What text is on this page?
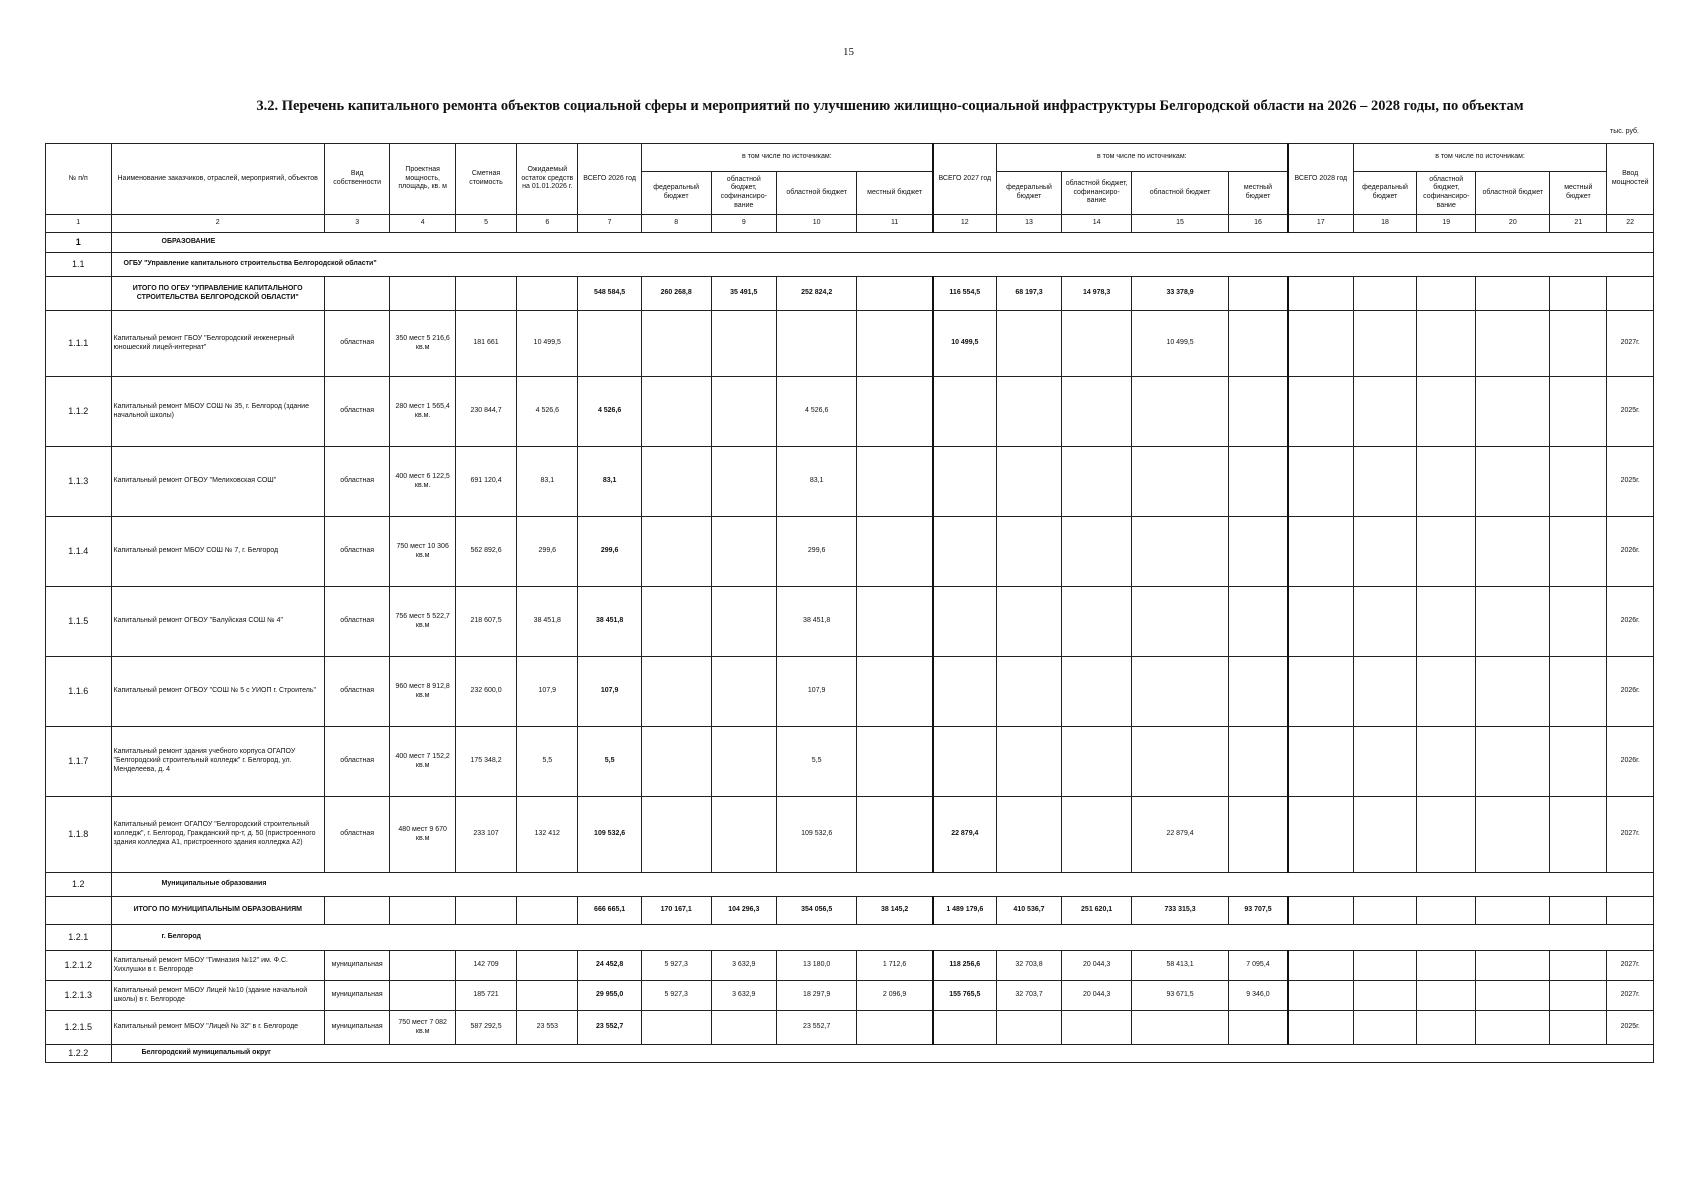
15
3.2. Перечень капитального ремонта объектов социальной сферы и мероприятий по улучшению жилищно-социальной инфраструктуры Белгородской области на 2026 – 2028 годы, по объектам
тыс. руб.
№ п/п	Наименование заказчиков, отраслей, мероприятий, объектов	Вид собственности	Проектная мощность, площадь, кв. м	Сметная стоимость	Ожидаемый остаток средств на 01.01.2026 г.	ВСЕГО 2026 год	в том числе по источникам:				ВСЕГО 2027 год	в том числе по источникам:				ВСЕГО 2028 год	в том числе по источникам:				Ввод мощностей
							федеральный бюджет	областной бюджет, софинансиро-вание	областной бюджет	местный бюджет		федеральный бюджет	областной бюджет, софинансиро-вание	областной бюджет	местный бюджет		федеральный бюджет	областной бюджет, софинансиро-вание	областной бюджет	местный бюджет	
1	2	3	4	5	6	7	8	9	10	11	12	13	14	15	16	17	18	19	20	21	22
1	ОБРАЗОВАНИЕ																				
1.1	ОГБУ "Управление капитального строительства Белгородской области"																				
	ИТОГО ПО ОГБУ "УПРАВЛЕНИЕ КАПИТАЛЬНОГО СТРОИТЕЛЬСТВА БЕЛГОРОДСКОЙ ОБЛАСТИ"					548 584,5	260 268,8	35 491,5	252 824,2		116 554,5	68 197,3	14 978,3	33 378,9							
1.1.1	Капитальный ремонт ГБОУ "Белгородский инженерный юношеский лицей-интернат"	областная	350 мест 5 216,6 кв.м	181 661	10 499,5						10 499,5			10 499,5							2027г.
1.1.2	Капитальный ремонт МБОУ СОШ № 35, г. Белгород (здание начальной школы)	областная	280 мест 1 565,4 кв.м.	230 844,7	4 526,6	4 526,6			4 526,6												2025г.
1.1.3	Капитальный ремонт ОГБОУ "Мелиховская СОШ"	областная	400 мест 6 122,5 кв.м.	691 120,4	83,1	83,1			83,1												2025г.
1.1.4	Капитальный ремонт МБОУ СОШ № 7, г. Белгород	областная	750 мест 10 306 кв.м	562 892,6	299,6	299,6			299,6												2026г.
1.1.5	Капитальный ремонт ОГБОУ "Балуйская СОШ № 4"	областная	756 мест 5 522,7 кв.м	218 607,5	38 451,8	38 451,8			38 451,8												2026г.
1.1.6	Капитальный ремонт ОГБОУ "СОШ № 5 с УИОП г. Строитель"	областная	960 мест 8 912,8 кв.м	232 600,0	107,9	107,9			107,9												2026г.
1.1.7	Капитальный ремонт здания учебного корпуса ОГАПОУ "Белгородский строительный колледж" г. Белгород, ул. Менделеева, д. 4	областная	400 мест 7 152,2 кв.м	175 348,2	5,5	5,5			5,5												2026г.
1.1.8	Капитальный ремонт ОГАПОУ "Белгородский строительный колледж", г. Белгород, Гражданский пр-т, д. 50 (пристроенного здания колледжа А1, пристроенного здания колледжа А2)	областная	480 мест 9 670 кв.м	233 107	132 412	109 532,6			109 532,6		22 879,4			22 879,4							2027г.
1.2	Муниципальные образования																				
	ИТОГО ПО МУНИЦИПАЛЬНЫМ ОБРАЗОВАНИЯМ					666 665,1	170 167,1	104 296,3	354 056,5	38 145,2	1 489 179,6	410 536,7	251 620,1	733 315,3	93 707,5						
1.2.1	г. Белгород																				
1.2.1.2	Капитальный ремонт МБОУ "Гимназия №12" им. Ф.С. Хихлушки в г. Белгороде	муниципальная		142 709		24 452,8	5 927,3	3 632,9	13 180,0	1 712,6	118 256,6	32 703,8	20 044,3	58 413,1	7 095,4						2027г.
1.2.1.3	Капитальный ремонт МБОУ Лицей №10 (здание начальной школы) в г. Белгороде	муниципальная		185 721		29 955,0	5 927,3	3 632,9	18 297,9	2 096,9	155 765,5	32 703,7	20 044,3	93 671,5	9 346,0						2027г.
1.2.1.5	Капитальный ремонт МБОУ "Лицей № 32" в г. Белгороде	муниципальная	750 мест 7 082 кв.м	587 292,5	23 553	23 552,7			23 552,7												2025г.
1.2.2	Белгородский муниципальный округ																				
